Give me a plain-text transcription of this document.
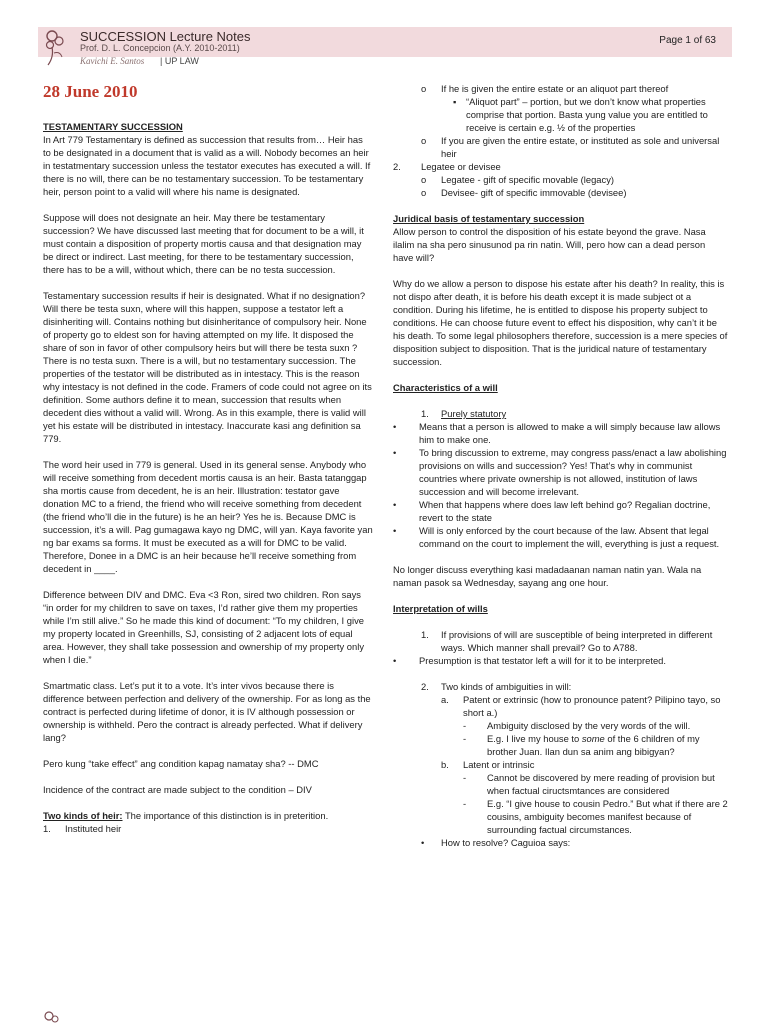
SUCCESSION Lecture Notes
Prof. D. L. Concepcion (A.Y. 2010-2011)
Kavichi E. Santos | UP LAW
Page 1 of 63
28 June 2010

TESTAMENTARY SUCCESSION

In Art 779 Testamentary is defined as succession that results from… Heir has to be designated in a document that is valid as a will. Nobody becomes an heir in testatmentary succession unless the testator executes has executed a will. If there is no will, there can be no testamentary succession. To be testamentary heir, person point to a valid will where his name is designated.

Suppose will does not designate an heir. May there be testamentary succession? We have discussed last meeting that for document to be a will, it must contain a disposition of property mortis causa and that designation may be direct or indirect. Last meeting, for there to be testamentary succession, there has to be a will, without which, there can be no testa succession.

Testamentary succession results if heir is designated. What if no designation? Will there be testa suxn, where will this happen, suppose a testator left a disinheriting will. Contains nothing but disinheritance of compulsory heir. None of property go to eldest son for having attempted on my life. It disposed the share of son in favor of other compulsory heirs but will there be testa suxn ? There is no testa suxn. There is a will, but no testamentary succession. The properties of the testator will be distributed as in intestacy. This is the reason why intestacy is not defined in the code. Framers of code could not agree on its definition. Some authors define it to mean, succession that results when decedent dies without a valid will. Wrong. As in this example, there is valid will yet his estate will be distributed in intestacy. Inaccurate kasi ang definition sa 779.

The word heir used in 779 is general. Used in its general sense. Anybody who will receive something from decedent mortis causa is an heir. Basta tatanggap sha mortis cause from decedent, he is an heir. Illustration: testator gave donation MC to a friend, the friend who will receive something from decedent (the friend who’ll die in the future) is he an heir? Yes he is. Because DMC is succession, it’s a will. Pag gumagawa kayo ng DMC, will yan. Kaya favorite yan ng bar exams sa forms. It must be executed as a will for DMC to be valid. Therefore, Donee in a DMC is an heir because he’ll receive something from decedent in ____.

Difference between DIV and DMC. Eva <3 Ron, sired two children. Ron says “in order for my children to save on taxes, I’d rather give them my properties while I’m still alive.” So he made this kind of document: “To my children, I give my property located in Greenhills, SJ, consisting of 2 adjacent lots of equal area. However, they shall take possession and ownership of my property only when I die.”

Smartmatic class. Let’s put it to a vote. It’s inter vivos because there is difference between perfection and delivery of the ownership. For as long as the contract is perfected during lifetime of donor, it is IV although possession or ownership is withheld. Pero the contract is already perfected. What if delivery lang?

Pero kung “take effect” ang condition kapag namatay sha? -- DMC

Incidence of the contract are made subject to the condition – DIV

Two kinds of heir: The importance of this distinction is in preterition.

1.	Instituted heir
o	If he is given the entire estate or an aliquot part thereof
▪	“Aliquot part” – portion, but we don’t know what properties comprise that portion. Basta yung value you are entitled to receive is certain e.g. ½ of the properties
o	If you are given the entire estate, or instituted as sole and universal heir
2.	Legatee or devisee
o	Legatee - gift of specific movable (legacy)
o	Devisee- gift of specific immovable (devisee)

Juridical basis of testamentary succession

Allow person to control the disposition of his estate beyond the grave. Nasa ilalim na sha pero sinusunod pa rin natin. Will, pero how can a dead person have will?

Why do we allow a person to dispose his estate after his death? In reality, this is not dispo after death, it is before his death except it is made subject ot a condition. During his lifetime, he is entitled to dispose his property subject to conditions. He can choose future event to effect his disposition, why can’t it be his death. To some legal philosophers therefore, succession is a mere species of disposition subject to disposition. That is the juridical nature of testamentary succession.

Characteristics of a will

1.	Purely statutory
•	Means that a person is allowed to make a will simply because law allows him to make one.
•	To bring discussion to extreme, may congress pass/enact a law abolishing provisions on wills and succession? Yes! That’s why in communist countries where private ownership is not allowed, institution of laws succession and will become irrelevant.
•	When that happens where does law left behind go? Regalian doctrine, revert to the state
•	Will is only enforced by the court because of the law. Absent that legal command on the court to implement the will, everything is just a request.

No longer discuss everything kasi madadaanan naman natin yan. Wala na naman pasok sa Wednesday, sayang ang one hour.

Interpretation of wills

1.	If provisions of will are susceptible of being interpreted in different ways. Which manner shall prevail? Go to A788.
•	Presumption is that testator left a will for it to be interpreted.
2.	Two kinds of ambiguities in will:
a.	Patent or extrinsic (how to pronounce patent? Pilipino tayo, so short a.)
-	Ambiguity disclosed by the very words of the will.
-	E.g. I live my house to some of the 6 children of my brother Juan. Ilan dun sa anim ang bibigyan?
b.	Latent or intrinsic
-	Cannot be discovered by mere reading of provision but when factual ciructsmtances are considered
-	E.g. “I give house to cousin Pedro.” But what if there are 2 cousins, ambiguity becomes manifest because of surrounding factual circumstances.
•	How to resolve? Caguioa says:
